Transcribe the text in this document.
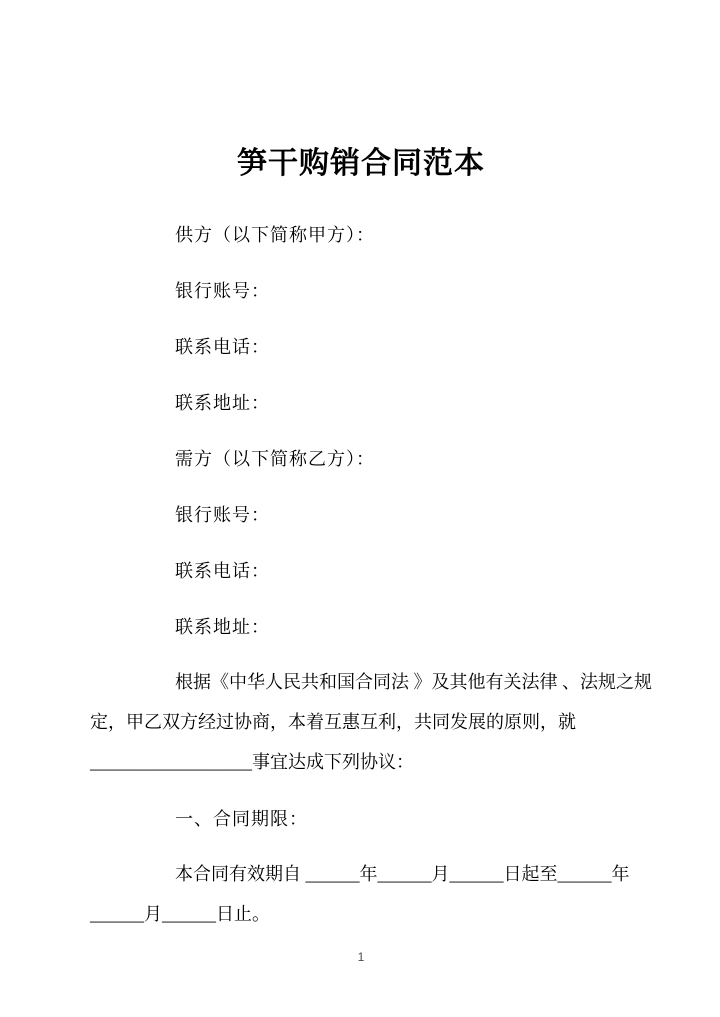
笋干购销合同范本

供方（以下简称甲方）：

银行账号：

联系电话：

联系地址：

需方（以下简称乙方）：

银行账号：

联系电话：

联系地址：

根据《中华人民共和国合同法 》及其他有关法律 、法规之规
定，甲乙双方经过协商，本着互惠互利，共同发展的原则，就
__________________事宜达成下列协议：

一、合同期限：

本合同有效期自 ______年______月______日起至______年
______月______日止。
1
